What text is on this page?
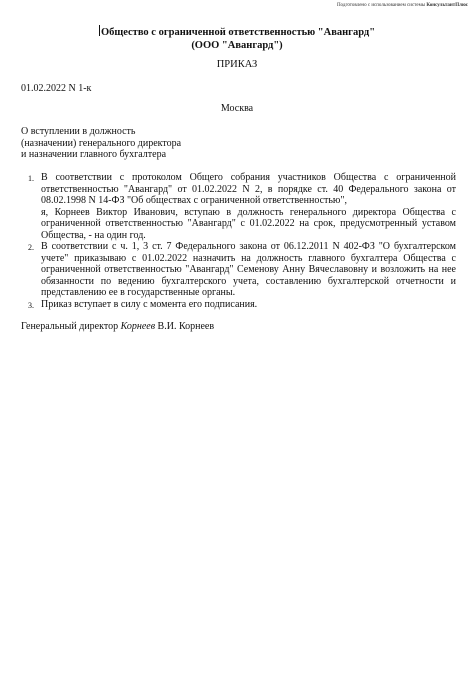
Подготовлено с использованием системы КонсультантПлюс
Общество с ограниченной ответственностью "Авангард"
(ООО "Авангард")
ПРИКАЗ
01.02.2022 N 1-к
Москва
О вступлении в должность
(назначении) генерального директора
и назначении главного бухгалтера
1. В соответствии с протоколом Общего собрания участников Общества с ограниченной ответственностью "Авангард" от 01.02.2022 N 2, в порядке ст. 40 Федерального закона от 08.02.1998 N 14-ФЗ "Об обществах с ограниченной ответственностью",
я, Корнеев Виктор Иванович, вступаю в должность генерального директора Общества с ограниченной ответственностью "Авангард" с 01.02.2022 на срок, предусмотренный уставом Общества, - на один год.
2. В соответствии с ч. 1, 3 ст. 7 Федерального закона от 06.12.2011 N 402-ФЗ "О бухгалтерском учете" приказываю с 01.02.2022 назначить на должность главного бухгалтера Общества с ограниченной ответственностью "Авангард" Семенову Анну Вячеславовну и возложить на нее обязанности по ведению бухгалтерского учета, составлению бухгалтерской отчетности и представлению ее в государственные органы.
3. Приказ вступает в силу с момента его подписания.
Генеральный директор Корнеев В.И. Корнеев
